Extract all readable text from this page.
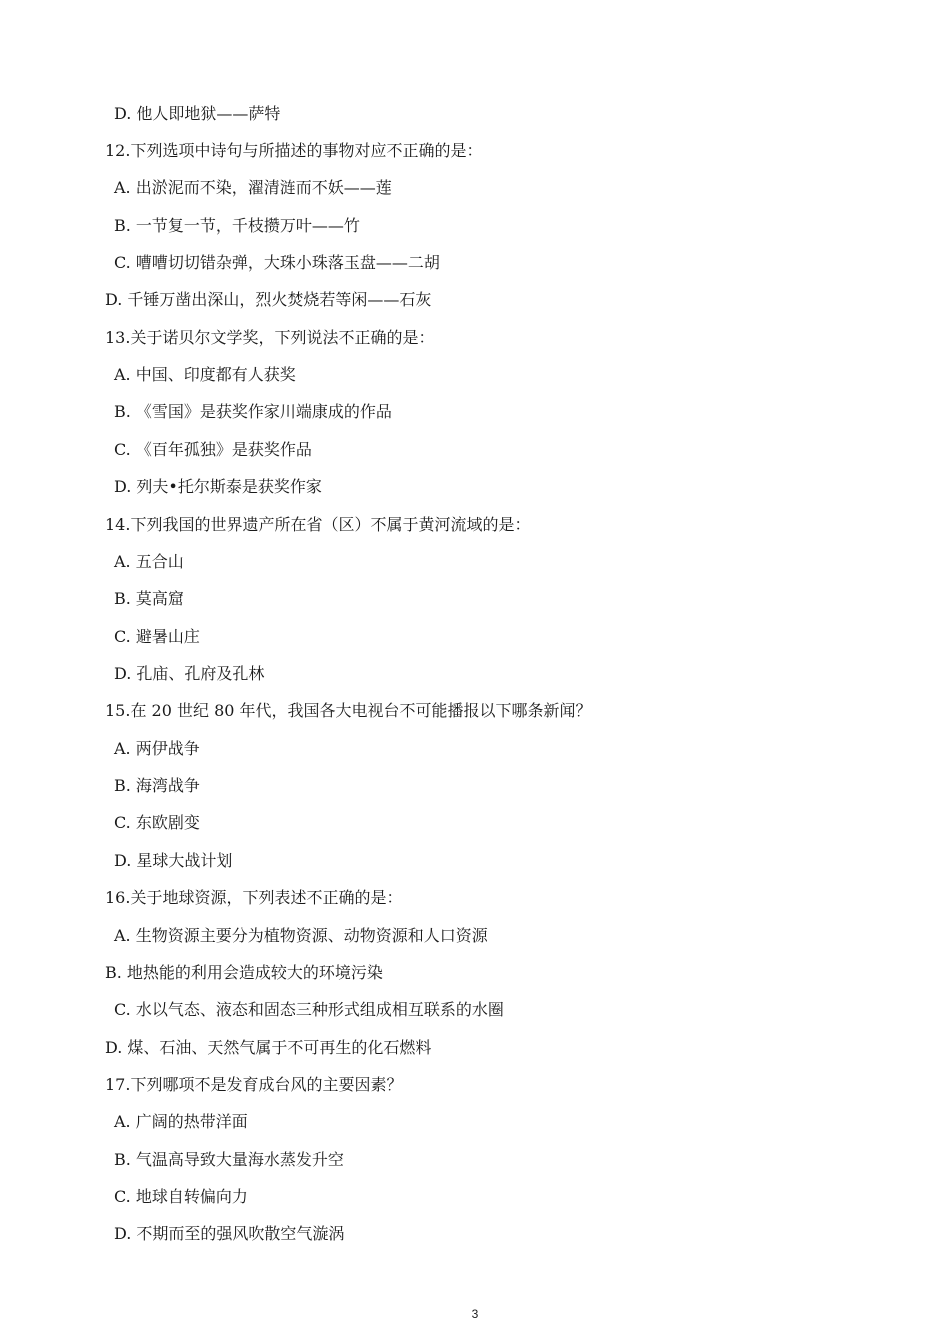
D. 他人即地狱——萨特
12.下列选项中诗句与所描述的事物对应不正确的是：
A. 出淤泥而不染，濯清涟而不妖——莲
B. 一节复一节，千枝攒万叶——竹
C. 嘈嘈切切错杂弹，大珠小珠落玉盘——二胡
D. 千锤万凿出深山，烈火焚烧若等闲——石灰
13.关于诺贝尔文学奖，下列说法不正确的是：
A. 中国、印度都有人获奖
B. 《雪国》是获奖作家川端康成的作品
C. 《百年孤独》是获奖作品
D. 列夫•托尔斯泰是获奖作家
14.下列我国的世界遗产所在省（区）不属于黄河流域的是：
A. 五合山
B. 莫高窟
C. 避暑山庄
D. 孔庙、孔府及孔林
15.在 20 世纪 80 年代，我国各大电视台不可能播报以下哪条新闻？
A. 两伊战争
B. 海湾战争
C. 东欧剧变
D. 星球大战计划
16.关于地球资源，下列表述不正确的是：
A. 生物资源主要分为植物资源、动物资源和人口资源
B. 地热能的利用会造成较大的环境污染
C. 水以气态、液态和固态三种形式组成相互联系的水圈
D. 煤、石油、天然气属于不可再生的化石燃料
17.下列哪项不是发育成台风的主要因素？
A. 广阔的热带洋面
B. 气温高导致大量海水蒸发升空
C. 地球自转偏向力
D. 不期而至的强风吹散空气漩涡
3
